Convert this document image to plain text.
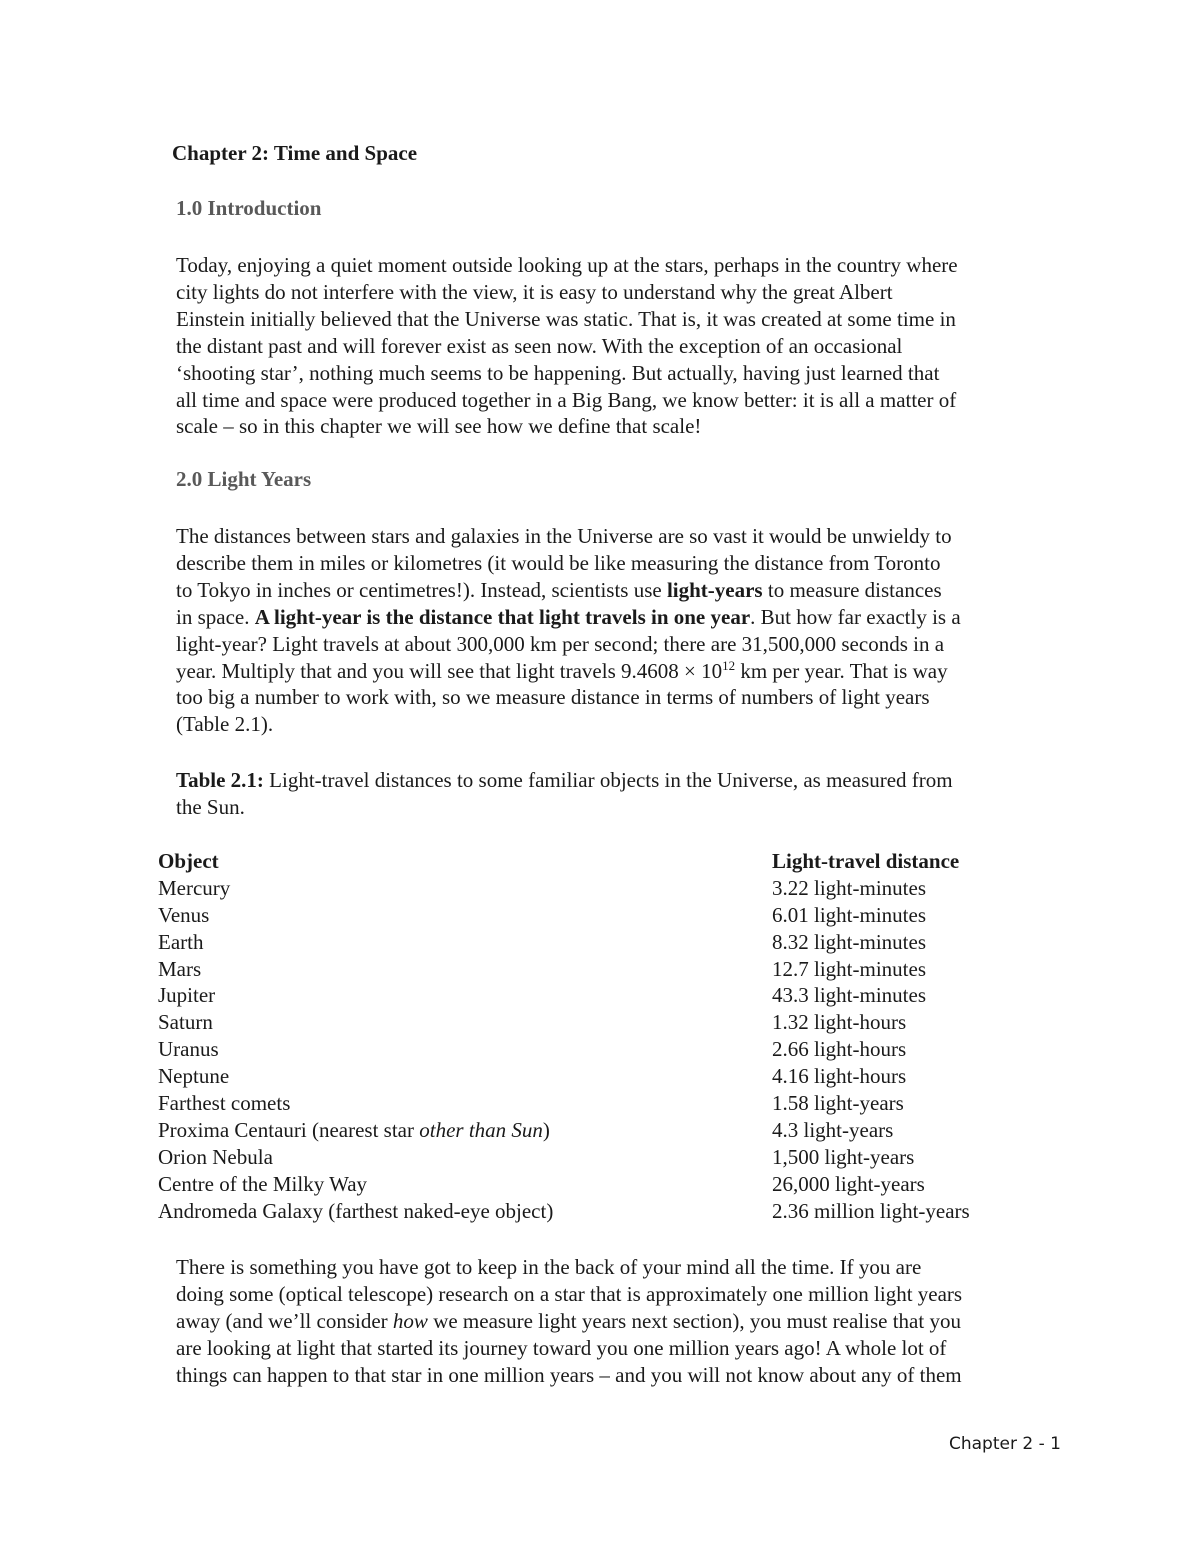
Chapter 2: Time and Space
1.0 Introduction

Today, enjoying a quiet moment outside looking up at the stars, perhaps in the country where
city lights do not interfere with the view, it is easy to understand why the great Albert
Einstein initially believed that the Universe was static. That is, it was created at some time in
the distant past and will forever exist as seen now. With the exception of an occasional
‘shooting star’, nothing much seems to be happening. But actually, having just learned that
all time and space were produced together in a Big Bang, we know better: it is all a matter of
scale – so in this chapter we will see how we define that scale!

2.0 Light Years

The distances between stars and galaxies in the Universe are so vast it would be unwieldy to
describe them in miles or kilometres (it would be like measuring the distance from Toronto
to Tokyo in inches or centimetres!). Instead, scientists use light-years to measure distances
in space. A light-year is the distance that light travels in one year. But how far exactly is a
light-year? Light travels at about 300,000 km per second; there are 31,500,000 seconds in a
year. Multiply that and you will see that light travels $9.4608 \times 10^{12}$ km per year. That is way
too big a number to work with, so we measure distance in terms of numbers of light years
(Table 2.1).

Table 2.1: Light-travel distances to some familiar objects in the Universe, as measured from
the Sun.

Object	Light-travel distance
Mercury	3.22 light-minutes
Venus	6.01 light-minutes
Earth	8.32 light-minutes
Mars	12.7 light-minutes
Jupiter	43.3 light-minutes
Saturn	1.32 light-hours
Uranus	2.66 light-hours
Neptune	4.16 light-hours
Farthest comets	1.58 light-years
Proxima Centauri (nearest star other than Sun)	4.3 light-years
Orion Nebula	1,500 light-years
Centre of the Milky Way	26,000 light-years
Andromeda Galaxy (farthest naked-eye object)	2.36 million light-years

There is something you have got to keep in the back of your mind all the time. If you are
doing some (optical telescope) research on a star that is approximately one million light years
away (and we’ll consider how we measure light years next section), you must realise that you
are looking at light that started its journey toward you one million years ago! A whole lot of
things can happen to that star in one million years – and you will not know about any of them

Chapter 2 - 1
